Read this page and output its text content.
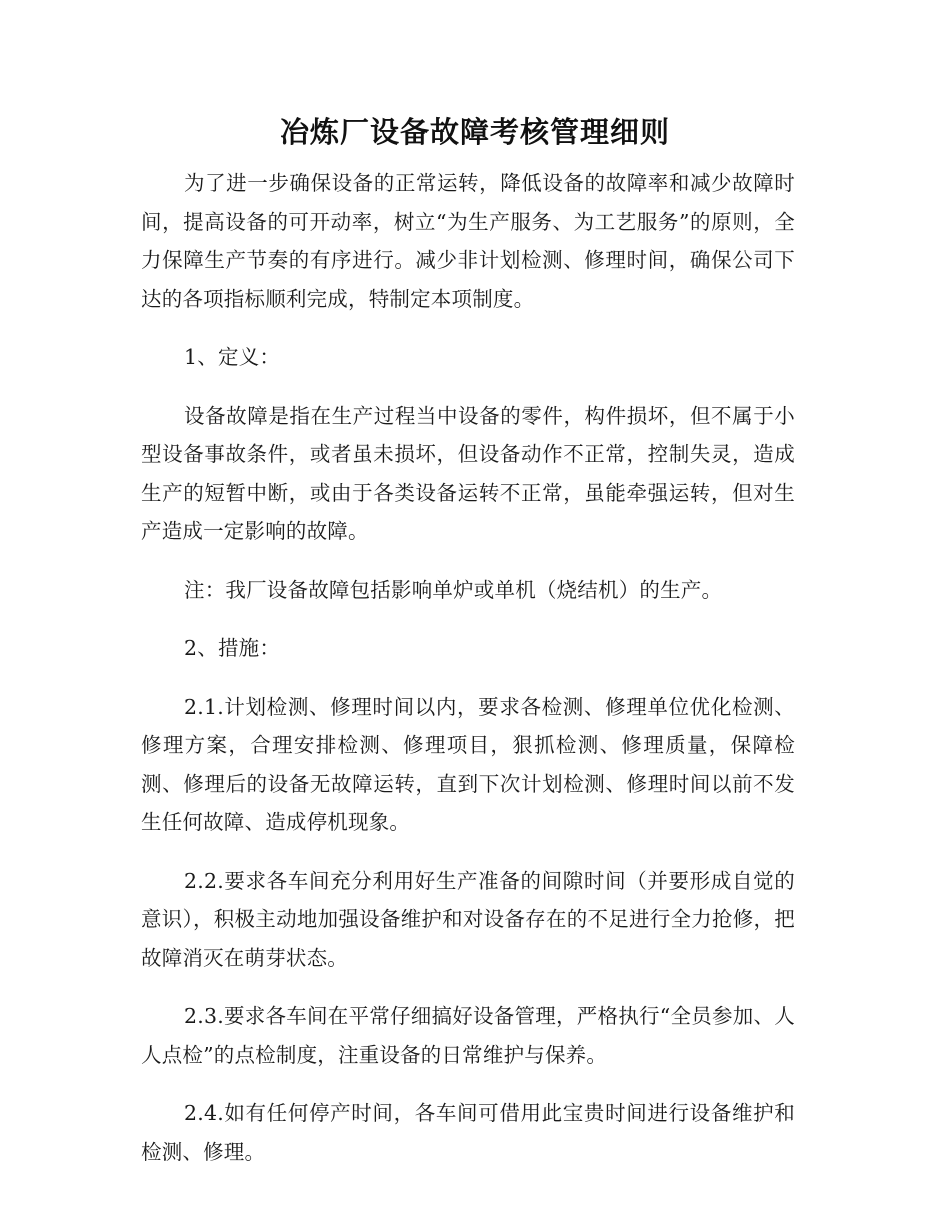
冶炼厂设备故障考核管理细则

为了进一步确保设备的正常运转，降低设备的故障率和减少故障时间，提高设备的可开动率，树立“为生产服务、为工艺服务”的原则，全力保障生产节奏的有序进行。减少非计划检测、修理时间，确保公司下达的各项指标顺利完成，特制定本项制度。

1、定义：

设备故障是指在生产过程当中设备的零件，构件损坏，但不属于小型设备事故条件，或者虽未损坏，但设备动作不正常，控制失灵，造成生产的短暂中断，或由于各类设备运转不正常，虽能牵强运转，但对生产造成一定影响的故障。

注：我厂设备故障包括影响单炉或单机（烧结机）的生产。

2、措施：

2.1.计划检测、修理时间以内，要求各检测、修理单位优化检测、修理方案，合理安排检测、修理项目，狠抓检测、修理质量，保障检测、修理后的设备无故障运转，直到下次计划检测、修理时间以前不发生任何故障、造成停机现象。

2.2.要求各车间充分利用好生产准备的间隙时间（并要形成自觉的意识），积极主动地加强设备维护和对设备存在的不足进行全力抢修，把故障消灭在萌芽状态。

2.3.要求各车间在平常仔细搞好设备管理，严格执行“全员参加、人人点检”的点检制度，注重设备的日常维护与保养。

2.4.如有任何停产时间，各车间可借用此宝贵时间进行设备维护和检测、修理。
